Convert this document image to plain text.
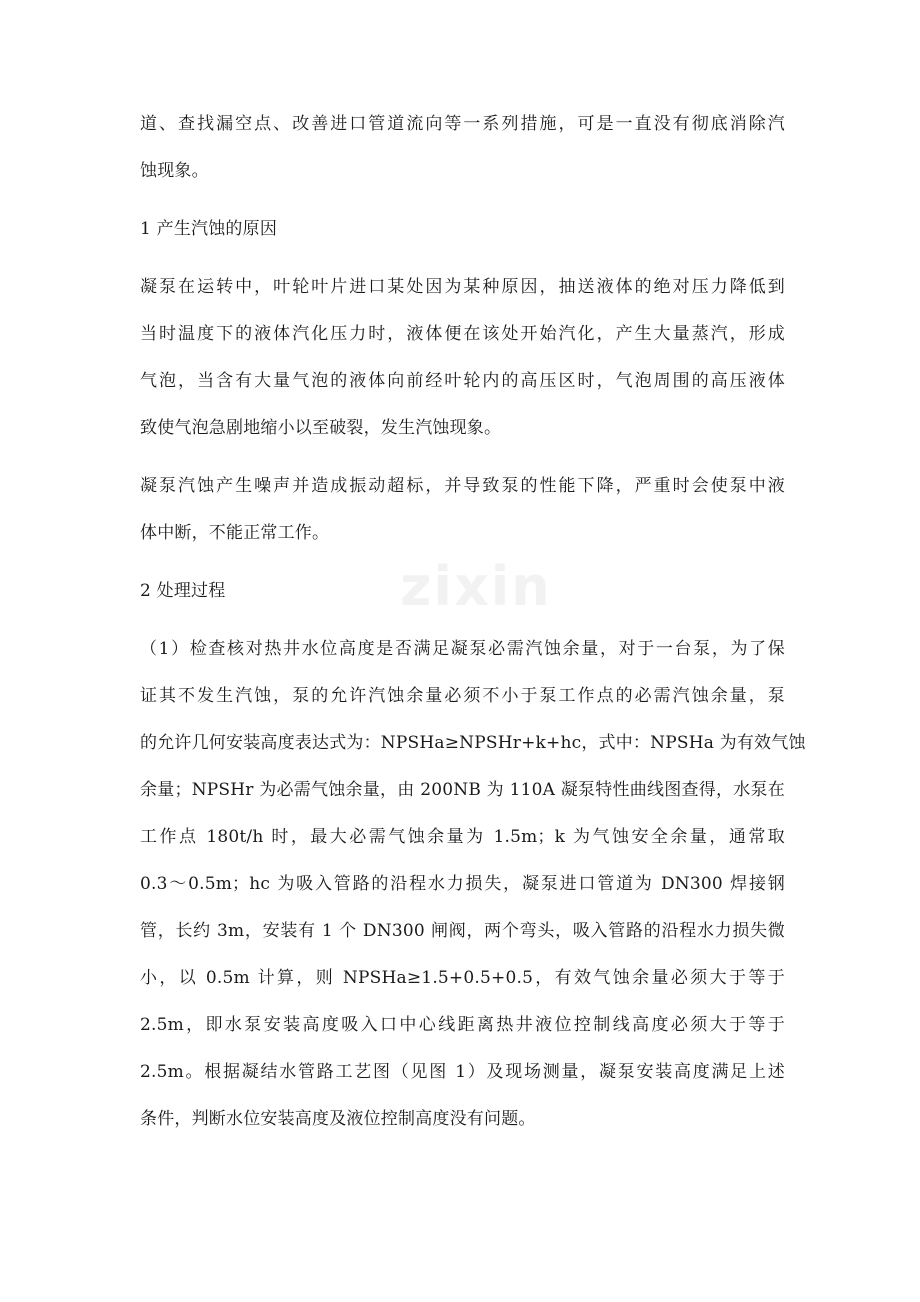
zixin
道、查找漏空点、改善进口管道流向等一系列措施，可是一直没有彻底消除汽
蚀现象。
1 产生汽蚀的原因
凝泵在运转中，叶轮叶片进口某处因为某种原因，抽送液体的绝对压力降低到
当时温度下的液体汽化压力时，液体便在该处开始汽化，产生大量蒸汽，形成
气泡，当含有大量气泡的液体向前经叶轮内的高压区时，气泡周围的高压液体
致使气泡急剧地缩小以至破裂，发生汽蚀现象。
凝泵汽蚀产生噪声并造成振动超标，并导致泵的性能下降，严重时会使泵中液
体中断，不能正常工作。
2 处理过程
（1）检查核对热井水位高度是否满足凝泵必需汽蚀余量，对于一台泵，为了保
证其不发生汽蚀，泵的允许汽蚀余量必须不小于泵工作点的必需汽蚀余量，泵
的允许几何安装高度表达式为：NPSHa≥NPSHr+k+hc，式中：NPSHa 为有效气蚀
余量；NPSHr 为必需气蚀余量，由 200NB 为 110A 凝泵特性曲线图查得，水泵在
工作点 180t/h 时，最大必需气蚀余量为 1.5m；k 为气蚀安全余量，通常取
0.3～0.5m；hc 为吸入管路的沿程水力损失，凝泵进口管道为 DN300 焊接钢
管，长约 3m，安装有 1 个 DN300 闸阀，两个弯头，吸入管路的沿程水力损失微
小，以 0.5m 计算，则 NPSHa≥1.5+0.5+0.5，有效气蚀余量必须大于等于
2.5m，即水泵安装高度吸入口中心线距离热井液位控制线高度必须大于等于
2.5m。根据凝结水管路工艺图（见图 1）及现场测量，凝泵安装高度满足上述
条件，判断水位安装高度及液位控制高度没有问题。
